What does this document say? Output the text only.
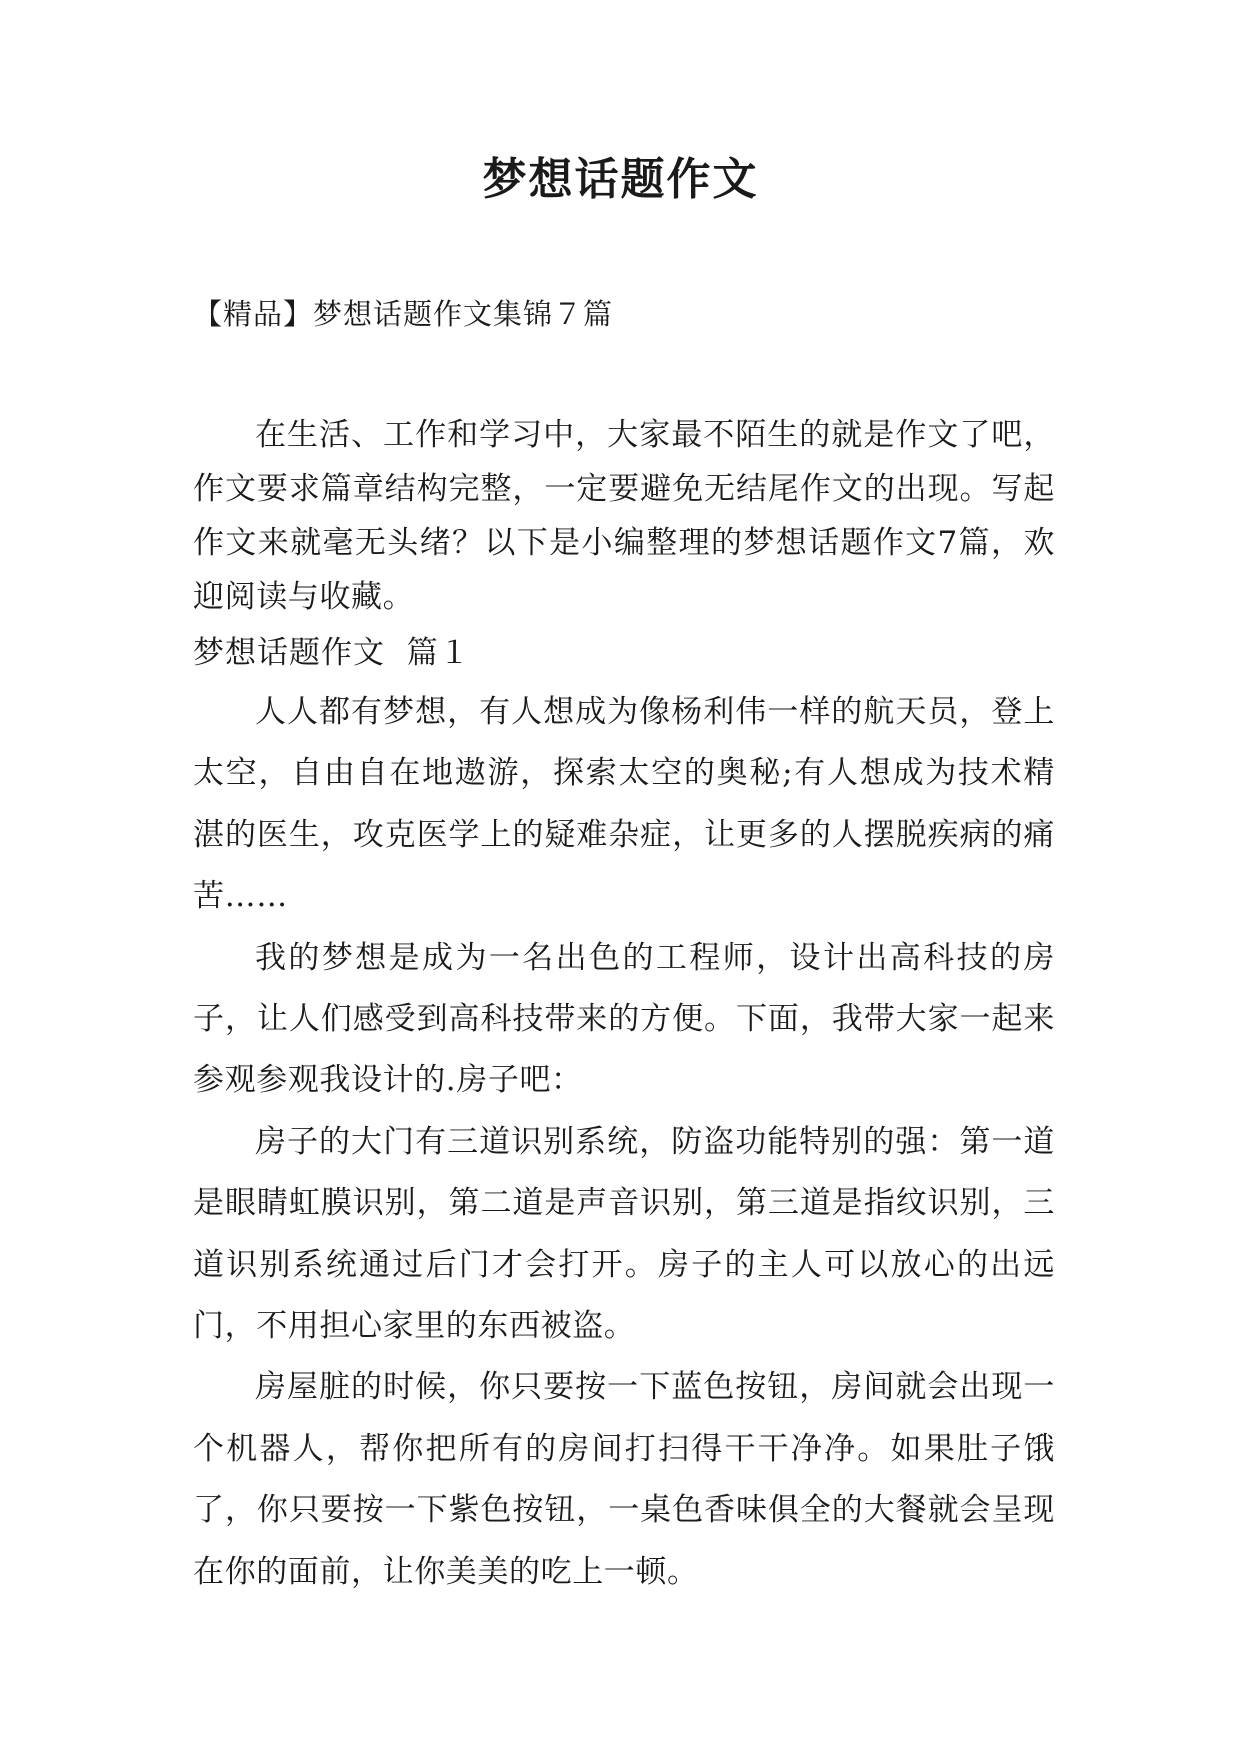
梦想话题作文
【精品】梦想话题作文集锦７篇

在生活、工作和学习中，大家最不陌生的就是作文了吧，作文要求篇章结构完整，一定要避免无结尾作文的出现。写起作文来就毫无头绪？以下是小编整理的梦想话题作文7篇，欢迎阅读与收藏。

梦想话题作文  篇１

人人都有梦想，有人想成为像杨利伟一样的航天员，登上太空，自由自在地遨游，探索太空的奥秘;有人想成为技术精湛的医生，攻克医学上的疑难杂症，让更多的人摆脱疾病的痛苦……

我的梦想是成为一名出色的工程师，设计出高科技的房子，让人们感受到高科技带来的方便。下面，我带大家一起来参观参观我设计的.房子吧：

房子的大门有三道识别系统，防盗功能特别的强：第一道是眼睛虹膜识别，第二道是声音识别，第三道是指纹识别，三道识别系统通过后门才会打开。房子的主人可以放心的出远门，不用担心家里的东西被盗。

房屋脏的时候，你只要按一下蓝色按钮，房间就会出现一个机器人，帮你把所有的房间打扫得干干净净。如果肚子饿了，你只要按一下紫色按钮，一桌色香味俱全的大餐就会呈现在你的面前，让你美美的吃上一顿。
